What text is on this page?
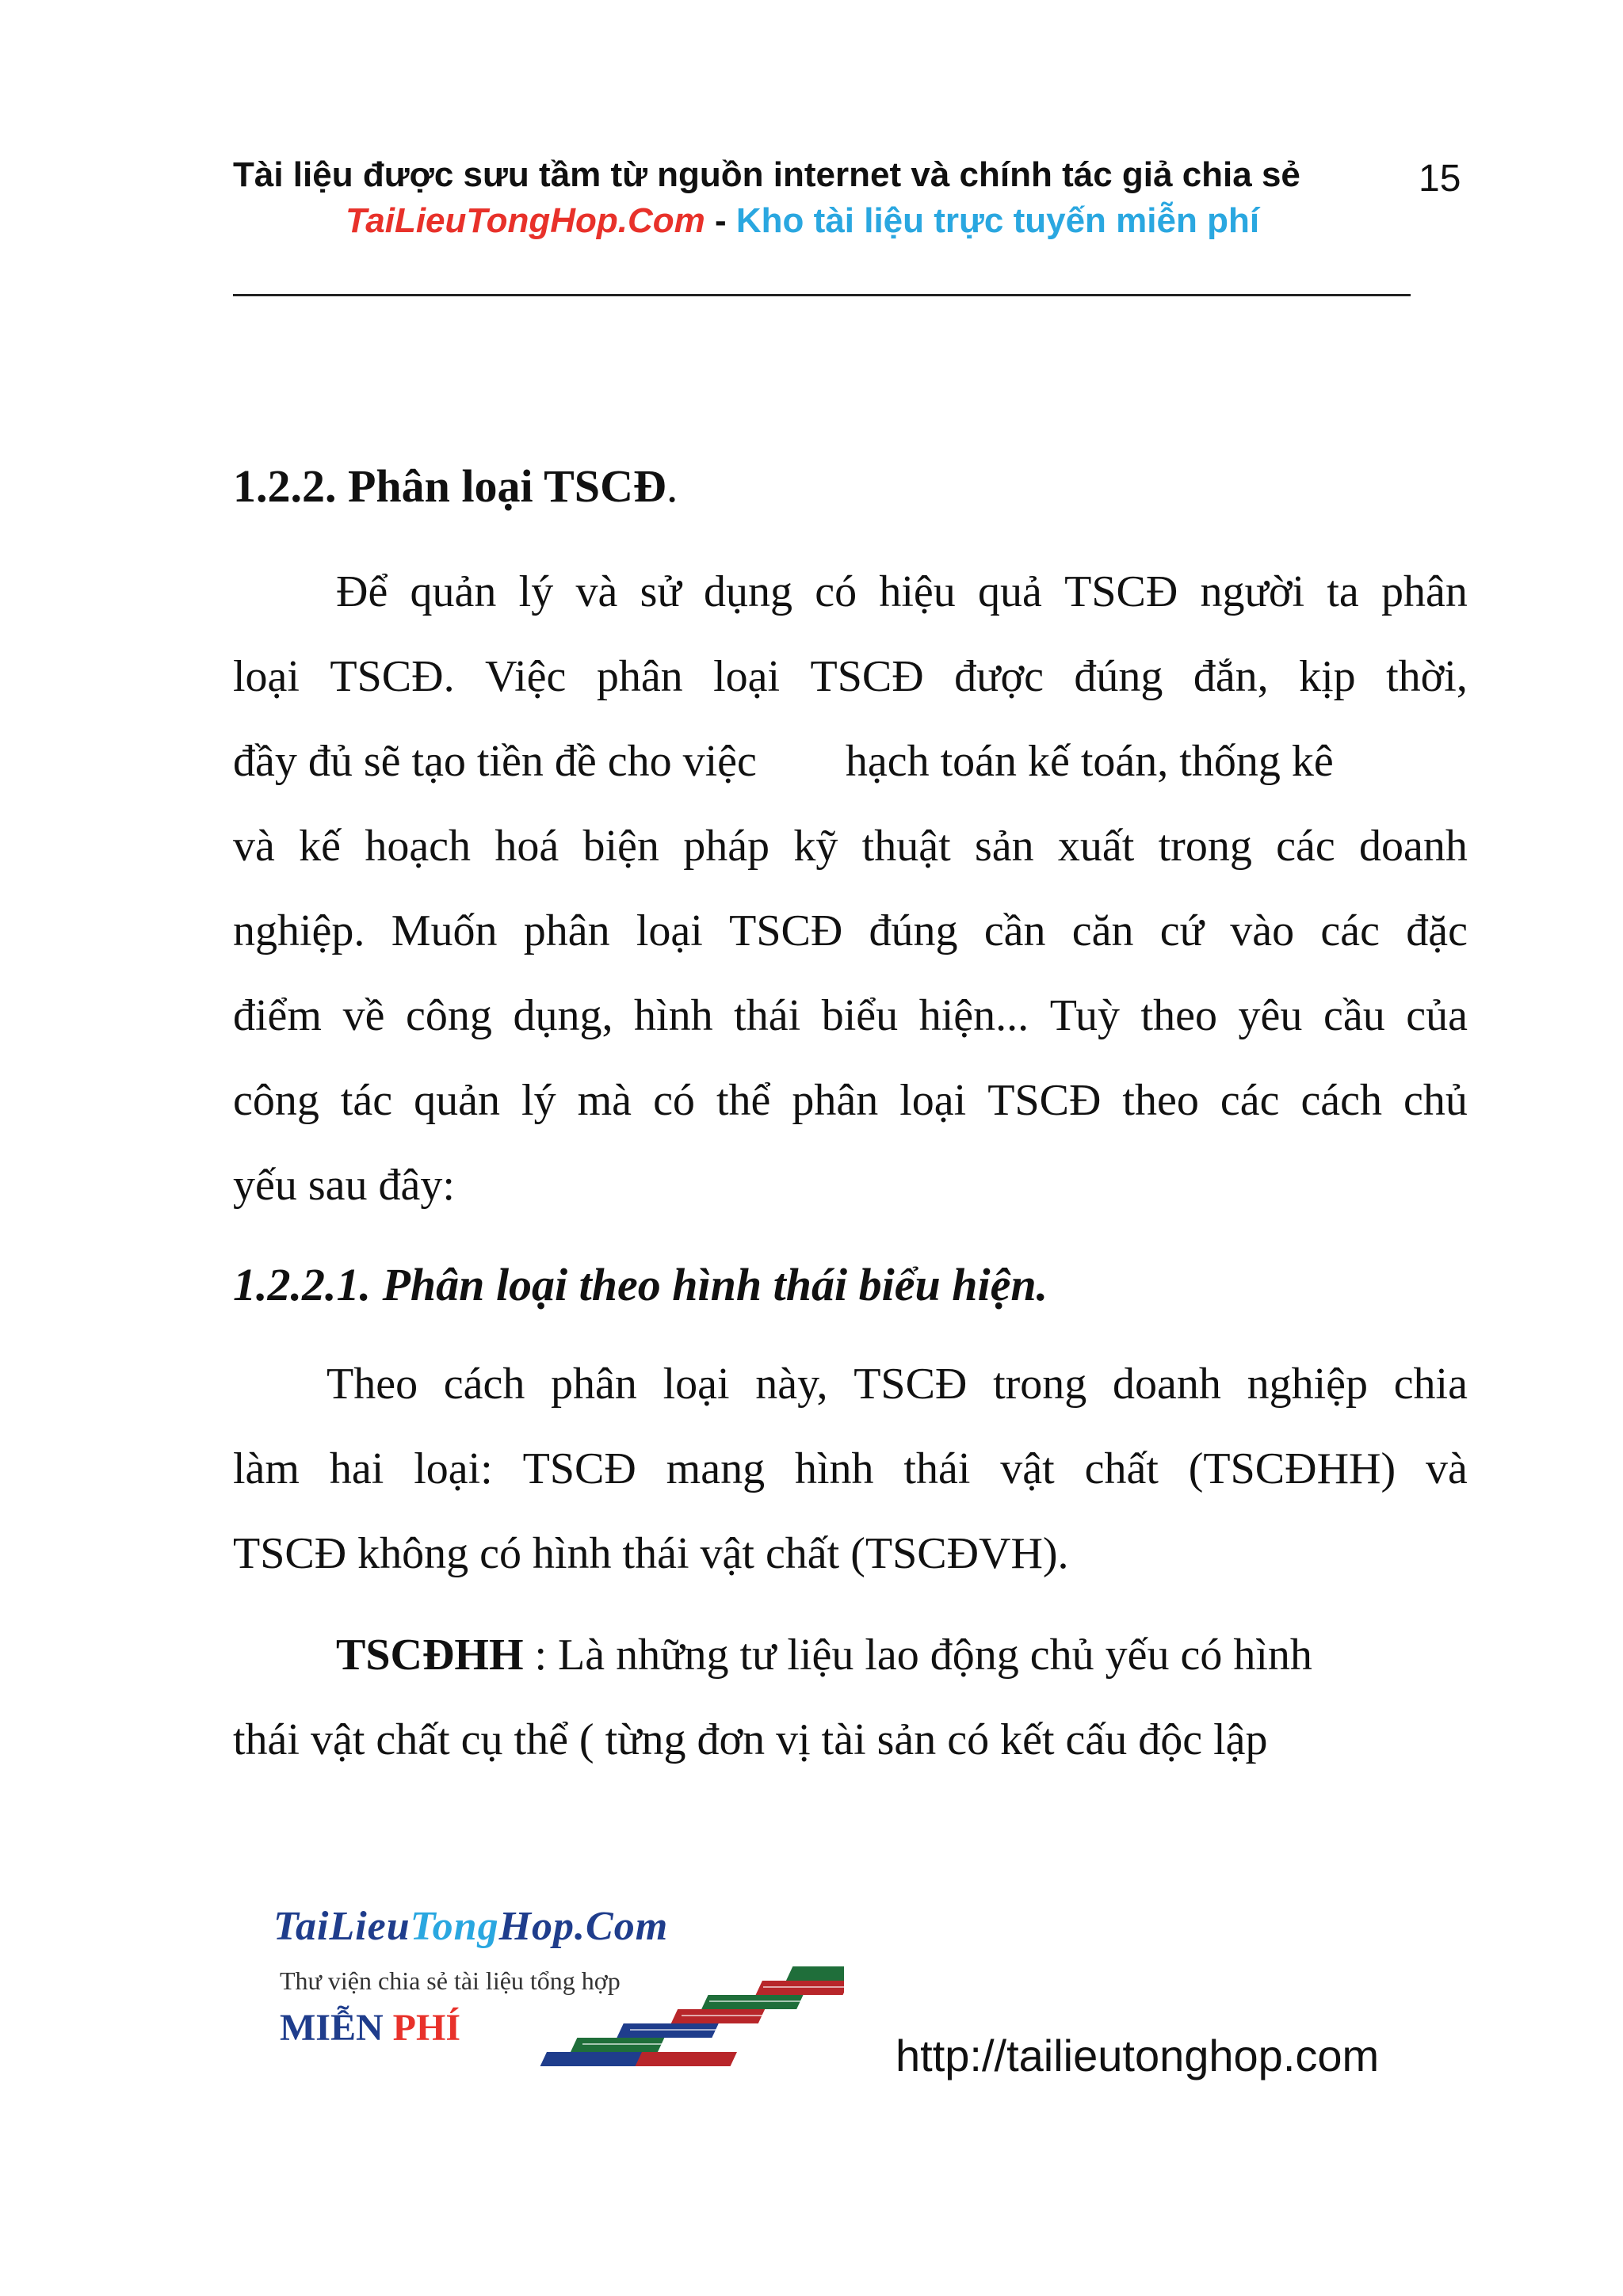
Tài liệu được sưu tầm từ nguồn internet và chính tác giả chia sẻ	15
TaiLieuTongHop.Com - Kho tài liệu trực tuyến miễn phí
1.2.2. Phân loại TSCĐ.
Để quản lý và sử dụng có hiệu quả TSCĐ người ta phân
loại TSCĐ. Việc phân loại TSCĐ được đúng đắn, kịp thời,
đầy đủ sẽ tạo tiền đề cho việc        hạch toán kế toán, thống kê
và kế hoạch hoá biện pháp kỹ thuật sản xuất trong các doanh
nghiệp. Muốn phân loại TSCĐ đúng cần căn cứ vào các đặc
điểm về công dụng, hình thái biểu hiện... Tuỳ theo yêu cầu của
công tác quản lý mà có thể phân loại TSCĐ theo các cách chủ
yếu sau đây:
1.2.2.1. Phân loại theo hình thái biểu hiện.
Theo cách phân loại này, TSCĐ trong doanh nghiệp chia
làm hai loại: TSCĐ mang hình thái vật chất (TSCĐHH) và
TSCĐ không có hình thái vật chất (TSCĐVH).
TSCĐHH : Là những tư liệu lao động chủ yếu có hình
thái vật chất cụ thể ( từng đơn vị tài sản có kết cấu độc lập
TaiLieuTongHop.Com
Thư viện chia sẻ tài liệu tổng hợp
MIỄN PHÍ
http://tailieutonghop.com
